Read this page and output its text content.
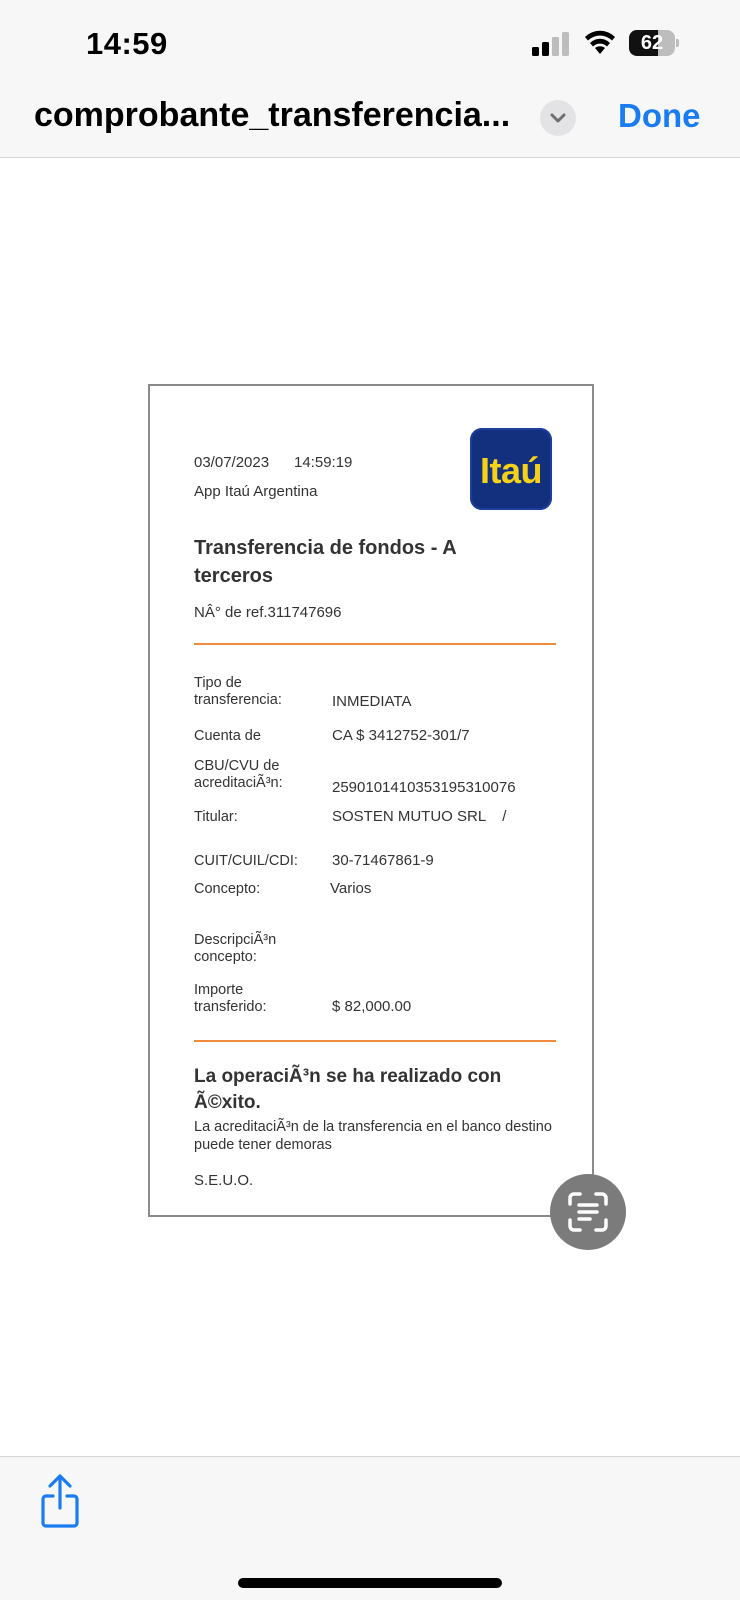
14:59	62
comprobante_transferencia...	Done
03/07/2023 14:59:19
App Itaú Argentina
Itaú
Transferencia de fondos - A terceros
NÂ° de ref.311747696
Tipo de transferencia:	INMEDIATA
Cuenta de	CA $ 3412752-301/7
CBU/CVU de acreditaciÃ³n:	2590101410353195310076
Titular:	SOSTEN MUTUO SRL    /
CUIT/CUIL/CDI: 30-71467861-9
Concepto:	Varios
DescripciÃ³n concepto:
Importe transferido:	$ 82,000.00
La operaciÃ³n se ha realizado con Ã©xito.
La acreditaciÃ³n de la transferencia en el banco destino puede tener demoras
S.E.U.O.
